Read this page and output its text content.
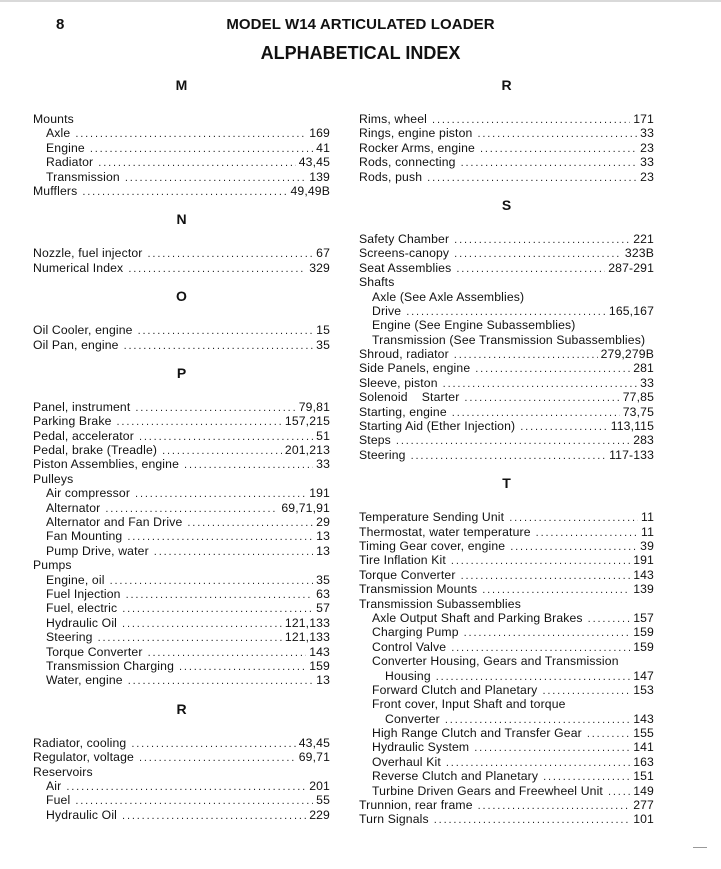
8	MODEL W14 ARTICULATED LOADER
ALPHABETICAL INDEX
M
Mounts
Axle . . .	169
Engine . . .	41
Radiator . . .	43,45
Transmission . . .	139
Mufflers . . .	49,49B
N
Nozzle, fuel injector . . .	67
Numerical Index . . .	329
O
Oil Cooler, engine . . .	15
Oil Pan, engine . . .	35
P
Panel, instrument . . .	79,81
Parking Brake . . .	157,215
Pedal, accelerator . . .	51
Pedal, brake (Treadle) . . .	201,213
Piston Assemblies, engine . . .	33
Pulleys
Air compressor . . .	191
Alternator . . .	69,71,91
Alternator and Fan Drive . . .	29
Fan Mounting . . .	13
Pump Drive, water . . .	13
Pumps
Engine, oil . . .	35
Fuel Injection . . .	63
Fuel, electric . . .	57
Hydraulic Oil . . .	121,133
Steering . . .	121,133
Torque Converter . . .	143
Transmission Charging . . .	159
Water, engine . . .	13
R
Radiator, cooling . . .	43,45
Regulator, voltage . . .	69,71
Reservoirs
Air . . .	201
Fuel . . .	55
Hydraulic Oil . . .	229
R
Rims, wheel . . .	171
Rings, engine piston . . .	33
Rocker Arms, engine . . .	23
Rods, connecting . . .	33
Rods, push . . .	23
S
Safety Chamber . . .	221
Screens-canopy . . .	323B
Seat Assemblies . . .	287-291
Shafts
Axle (See Axle Assemblies)
Drive . . .	165,167
Engine (See Engine Subassemblies)
Transmission (See Transmission Subassemblies)
Shroud, radiator . . .	279,279B
Side Panels, engine . . .	281
Sleeve, piston . . .	33
Solenoid    Starter . . .	77,85
Starting, engine . . .	73,75
Starting Aid (Ether Injection) . . .	113,115
Steps . . .	283
Steering . . .	117-133
T
Temperature Sending Unit . . .	11
Thermostat, water temperature . . .	11
Timing Gear cover, engine . . .	39
Tire Inflation Kit . . .	191
Torque Converter . . .	143
Transmission Mounts . . .	139
Transmission Subassemblies
Axle Output Shaft and Parking Brakes . . .	157
Charging Pump . . .	159
Control Valve . . .	159
Converter Housing, Gears and Transmission
Housing . . .	147
Forward Clutch and Planetary . . .	153
Front cover, Input Shaft and torque
Converter . . .	143
High Range Clutch and Transfer Gear . . .	155
Hydraulic System . . .	141
Overhaul Kit . . .	163
Reverse Clutch and Planetary . . .	151
Turbine Driven Gears and Freewheel Unit . . . 149
Trunnion, rear frame . . .	277
Turn Signals . . .	101
